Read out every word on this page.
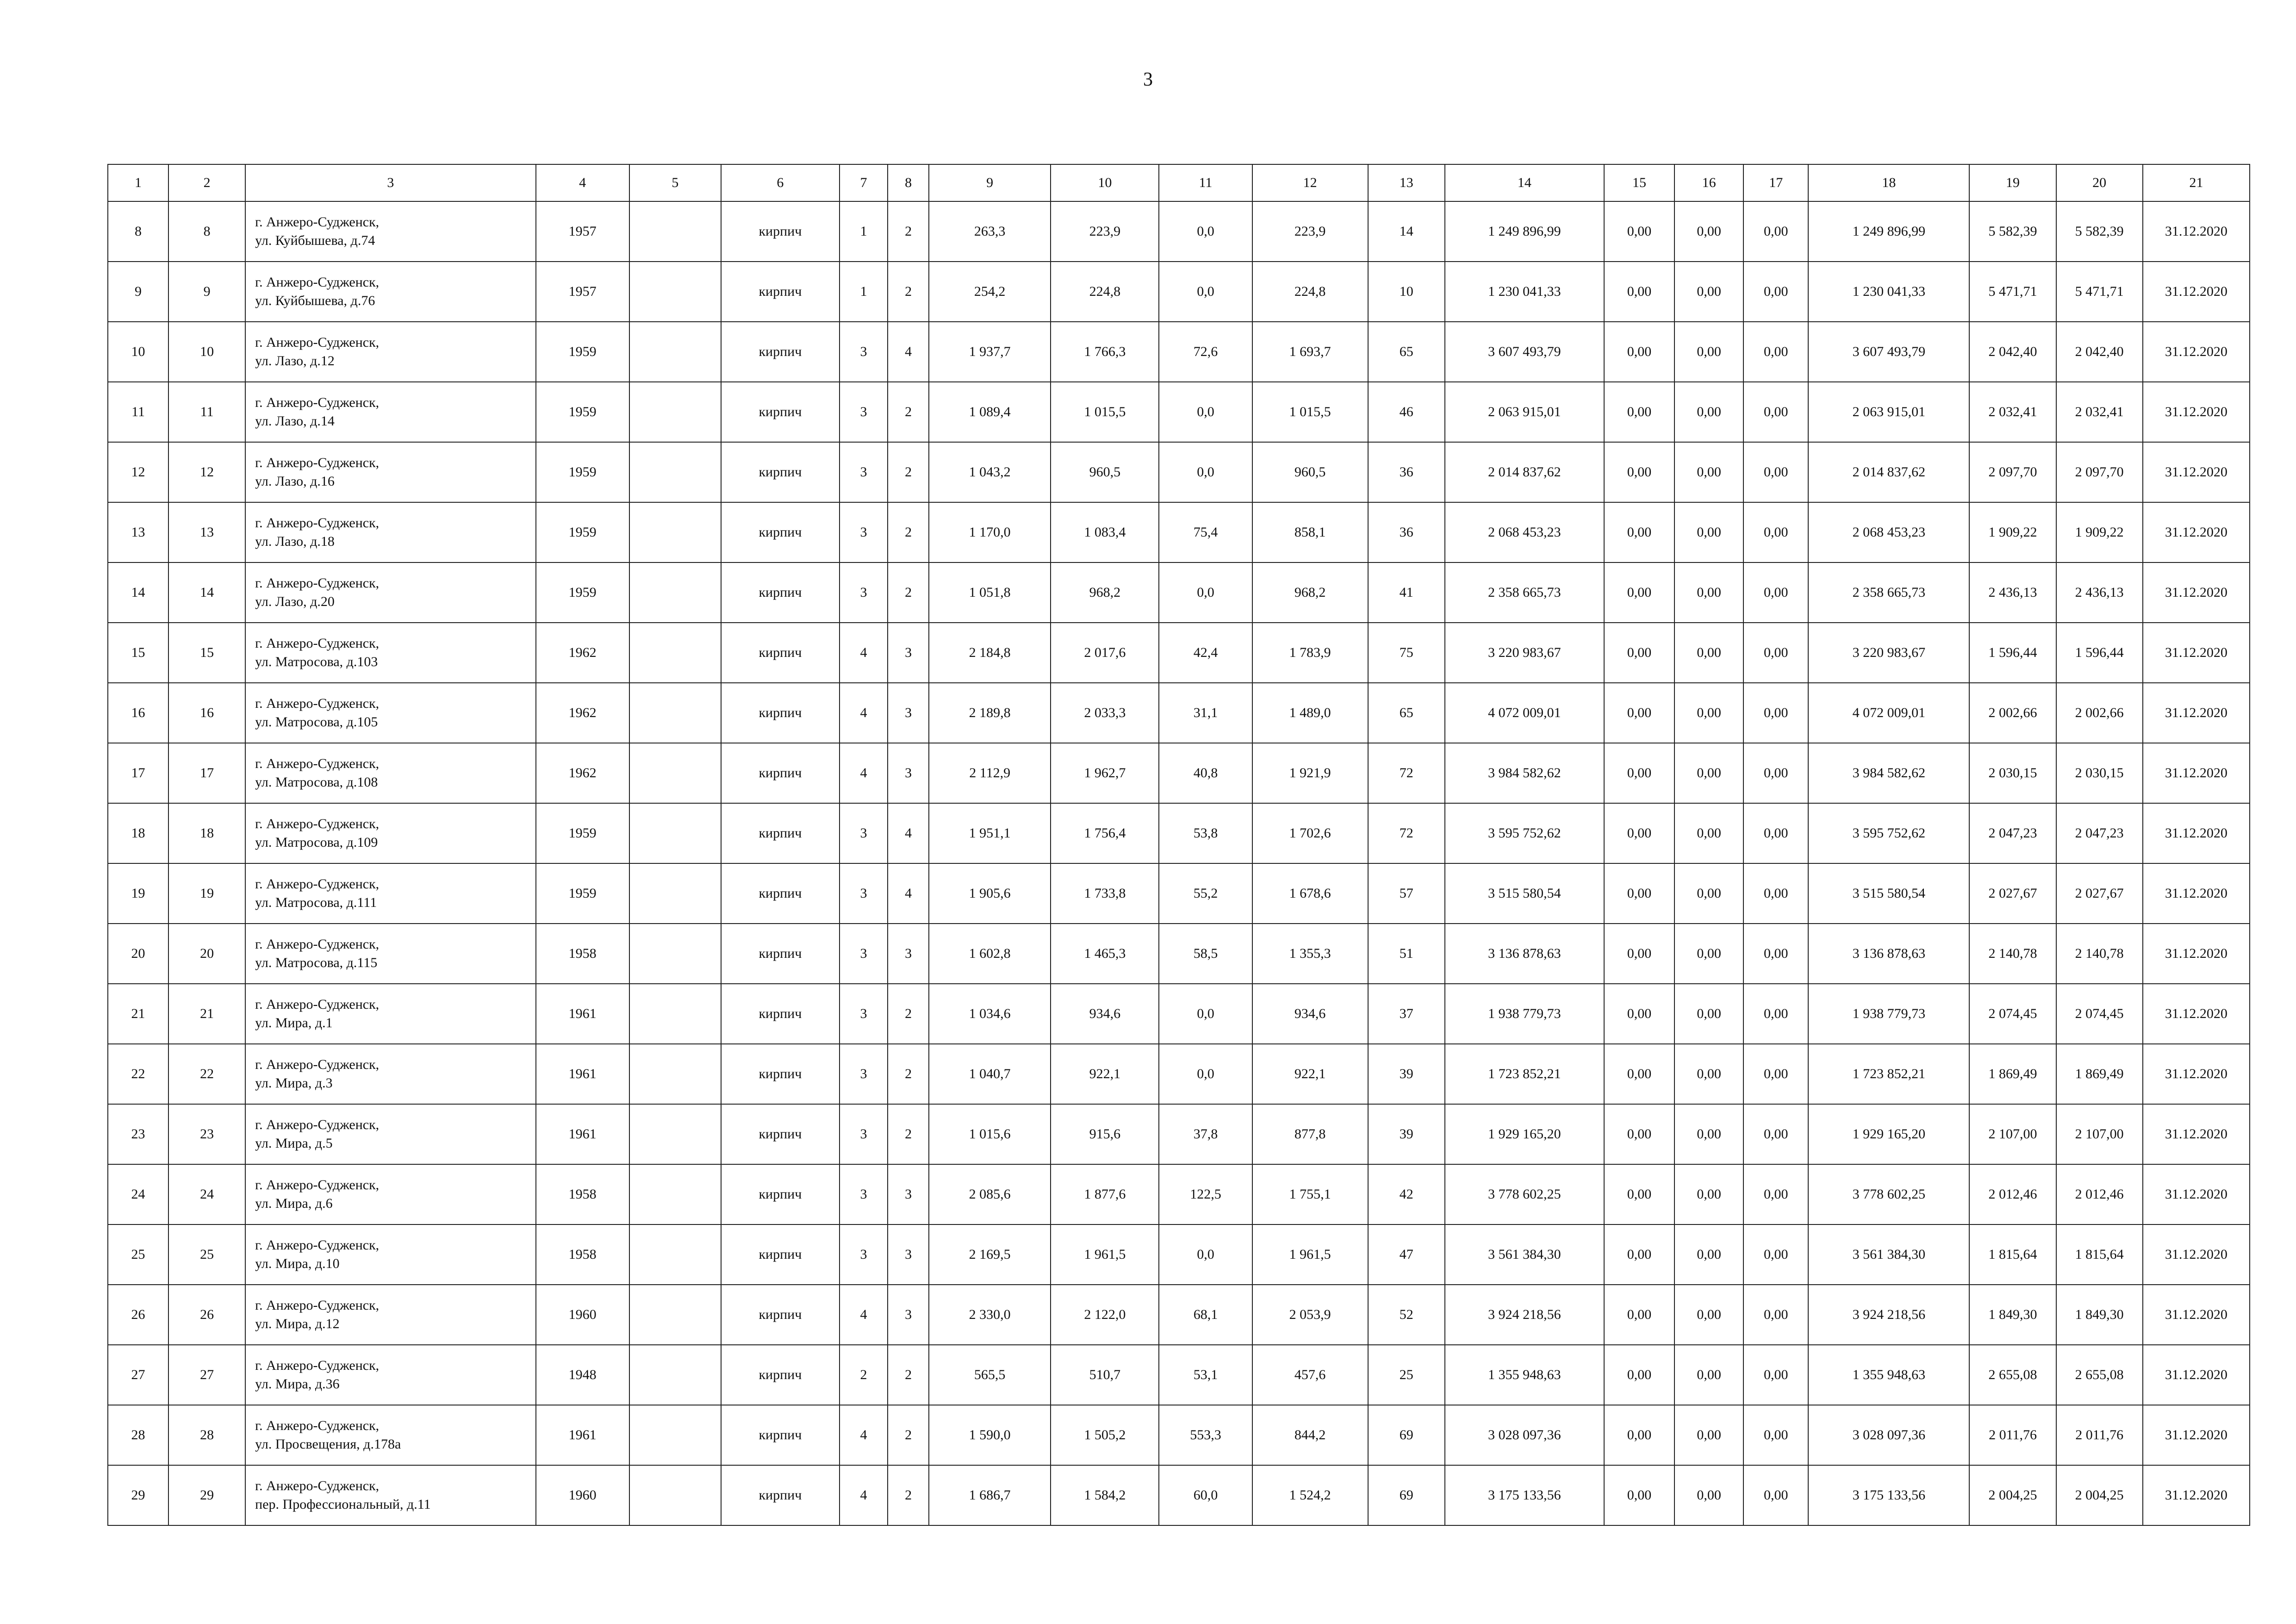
3
1	2	3	4	5	6	7	8	9	10	11	12	13	14	15	16	17	18	19	20	21
8	8	г. Анжеро-Судженск,
ул. Куйбышева, д.74	1957		кирпич	1	2	263,3	223,9	0,0	223,9	14	1 249 896,99	0,00	0,00	0,00	1 249 896,99	5 582,39	5 582,39	31.12.2020
9	9	г. Анжеро-Судженск,
ул. Куйбышева, д.76	1957		кирпич	1	2	254,2	224,8	0,0	224,8	10	1 230 041,33	0,00	0,00	0,00	1 230 041,33	5 471,71	5 471,71	31.12.2020
10	10	г. Анжеро-Судженск,
ул. Лазо, д.12	1959		кирпич	3	4	1 937,7	1 766,3	72,6	1 693,7	65	3 607 493,79	0,00	0,00	0,00	3 607 493,79	2 042,40	2 042,40	31.12.2020
11	11	г. Анжеро-Судженск,
ул. Лазо, д.14	1959		кирпич	3	2	1 089,4	1 015,5	0,0	1 015,5	46	2 063 915,01	0,00	0,00	0,00	2 063 915,01	2 032,41	2 032,41	31.12.2020
12	12	г. Анжеро-Судженск,
ул. Лазо, д.16	1959		кирпич	3	2	1 043,2	960,5	0,0	960,5	36	2 014 837,62	0,00	0,00	0,00	2 014 837,62	2 097,70	2 097,70	31.12.2020
13	13	г. Анжеро-Судженск,
ул. Лазо, д.18	1959		кирпич	3	2	1 170,0	1 083,4	75,4	858,1	36	2 068 453,23	0,00	0,00	0,00	2 068 453,23	1 909,22	1 909,22	31.12.2020
14	14	г. Анжеро-Судженск,
ул. Лазо, д.20	1959		кирпич	3	2	1 051,8	968,2	0,0	968,2	41	2 358 665,73	0,00	0,00	0,00	2 358 665,73	2 436,13	2 436,13	31.12.2020
15	15	г. Анжеро-Судженск,
ул. Матросова, д.103	1962		кирпич	4	3	2 184,8	2 017,6	42,4	1 783,9	75	3 220 983,67	0,00	0,00	0,00	3 220 983,67	1 596,44	1 596,44	31.12.2020
16	16	г. Анжеро-Судженск,
ул. Матросова, д.105	1962		кирпич	4	3	2 189,8	2 033,3	31,1	1 489,0	65	4 072 009,01	0,00	0,00	0,00	4 072 009,01	2 002,66	2 002,66	31.12.2020
17	17	г. Анжеро-Судженск,
ул. Матросова, д.108	1962		кирпич	4	3	2 112,9	1 962,7	40,8	1 921,9	72	3 984 582,62	0,00	0,00	0,00	3 984 582,62	2 030,15	2 030,15	31.12.2020
18	18	г. Анжеро-Судженск,
ул. Матросова, д.109	1959		кирпич	3	4	1 951,1	1 756,4	53,8	1 702,6	72	3 595 752,62	0,00	0,00	0,00	3 595 752,62	2 047,23	2 047,23	31.12.2020
19	19	г. Анжеро-Судженск,
ул. Матросова, д.111	1959		кирпич	3	4	1 905,6	1 733,8	55,2	1 678,6	57	3 515 580,54	0,00	0,00	0,00	3 515 580,54	2 027,67	2 027,67	31.12.2020
20	20	г. Анжеро-Судженск,
ул. Матросова, д.115	1958		кирпич	3	3	1 602,8	1 465,3	58,5	1 355,3	51	3 136 878,63	0,00	0,00	0,00	3 136 878,63	2 140,78	2 140,78	31.12.2020
21	21	г. Анжеро-Судженск,
ул. Мира, д.1	1961		кирпич	3	2	1 034,6	934,6	0,0	934,6	37	1 938 779,73	0,00	0,00	0,00	1 938 779,73	2 074,45	2 074,45	31.12.2020
22	22	г. Анжеро-Судженск,
ул. Мира, д.3	1961		кирпич	3	2	1 040,7	922,1	0,0	922,1	39	1 723 852,21	0,00	0,00	0,00	1 723 852,21	1 869,49	1 869,49	31.12.2020
23	23	г. Анжеро-Судженск,
ул. Мира, д.5	1961		кирпич	3	2	1 015,6	915,6	37,8	877,8	39	1 929 165,20	0,00	0,00	0,00	1 929 165,20	2 107,00	2 107,00	31.12.2020
24	24	г. Анжеро-Судженск,
ул. Мира, д.6	1958		кирпич	3	3	2 085,6	1 877,6	122,5	1 755,1	42	3 778 602,25	0,00	0,00	0,00	3 778 602,25	2 012,46	2 012,46	31.12.2020
25	25	г. Анжеро-Судженск,
ул. Мира, д.10	1958		кирпич	3	3	2 169,5	1 961,5	0,0	1 961,5	47	3 561 384,30	0,00	0,00	0,00	3 561 384,30	1 815,64	1 815,64	31.12.2020
26	26	г. Анжеро-Судженск,
ул. Мира, д.12	1960		кирпич	4	3	2 330,0	2 122,0	68,1	2 053,9	52	3 924 218,56	0,00	0,00	0,00	3 924 218,56	1 849,30	1 849,30	31.12.2020
27	27	г. Анжеро-Судженск,
ул. Мира, д.36	1948		кирпич	2	2	565,5	510,7	53,1	457,6	25	1 355 948,63	0,00	0,00	0,00	1 355 948,63	2 655,08	2 655,08	31.12.2020
28	28	г. Анжеро-Судженск,
ул. Просвещения, д.178а	1961		кирпич	4	2	1 590,0	1 505,2	553,3	844,2	69	3 028 097,36	0,00	0,00	0,00	3 028 097,36	2 011,76	2 011,76	31.12.2020
29	29	г. Анжеро-Судженск,
пер. Профессиональный, д.11	1960		кирпич	4	2	1 686,7	1 584,2	60,0	1 524,2	69	3 175 133,56	0,00	0,00	0,00	3 175 133,56	2 004,25	2 004,25	31.12.2020
